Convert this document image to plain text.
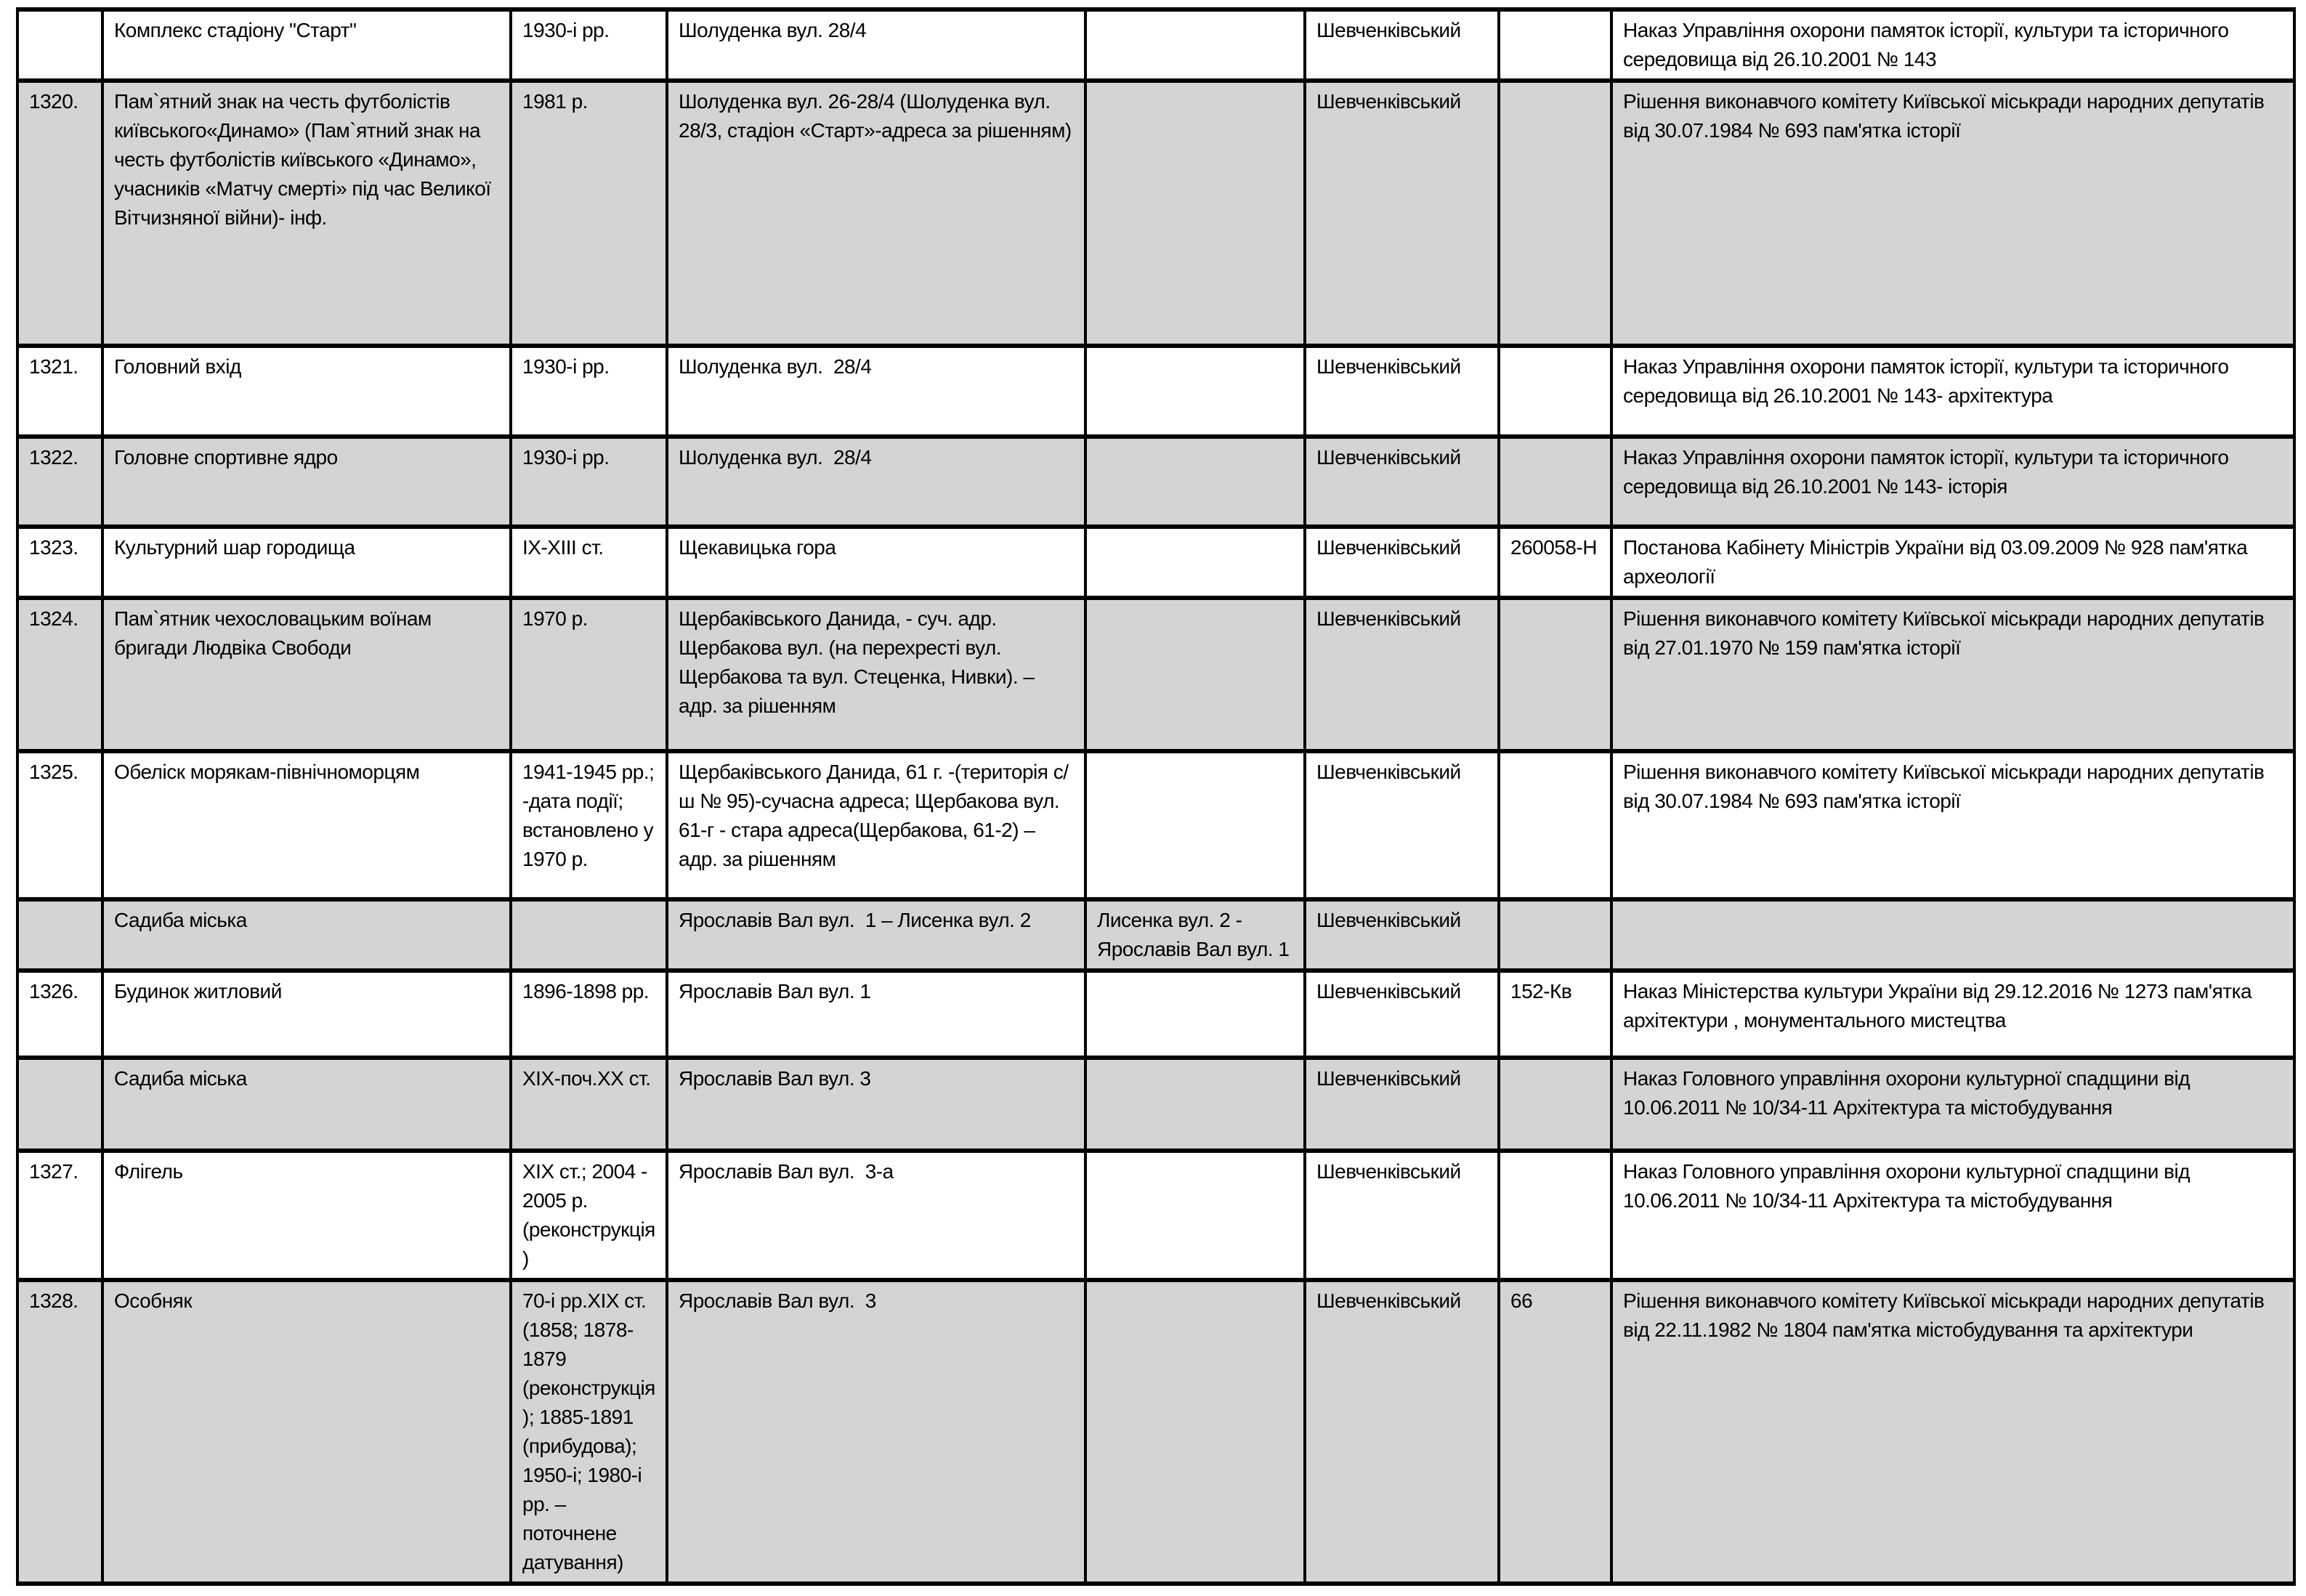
	Комплекс стадіону "Старт"	1930-і рр.	Шолуденка вул. 28/4		Шевченківський		Наказ Управління охорони памяток історії, культури та історичного середовища від 26.10.2001 № 143
1320.	Пам`ятний знак на честь футболістів київського«Динамо» (Пам`ятний знак на честь футболістів київського «Динамо», учасників «Матчу смерті» під час Великої Вітчизняної війни)- інф.	1981 р.	Шолуденка вул. 26-28/4 (Шолуденка вул. 28/3, стадіон «Старт»-адреса за рішенням)		Шевченківський		Рішення виконавчого комітету Київської міськради народних депутатів від 30.07.1984 № 693 пам'ятка історії
1321.	Головний вхід	1930-і рр.	Шолуденка вул.  28/4		Шевченківський		Наказ Управління охорони памяток історії, культури та історичного середовища від 26.10.2001 № 143- архітектура
1322.	Головне спортивне ядро	1930-і рр.	Шолуденка вул.  28/4		Шевченківський		Наказ Управління охорони памяток історії, культури та історичного середовища від 26.10.2001 № 143- історія
1323.	Культурний шар городища	IX-XIII ст.	Щекавицька гора		Шевченківський	260058-Н	Постанова Кабінету Міністрів України від 03.09.2009 № 928 пам'ятка археології
1324.	Пам`ятник чехословацьким воїнам бригади Людвіка Свободи	1970 р.	Щербаківського Данида, - суч. адр. Щербакова вул. (на перехресті вул. Щербакова та вул. Стеценка, Нивки). – адр. за рішенням		Шевченківський		Рішення виконавчого комітету Київської міськради народних депутатів від 27.01.1970 № 159 пам'ятка історії
1325.	Обеліск морякам-північноморцям	1941-1945 рр.; -дата події; встановлено у 1970 р.	Щербаківського Данида, 61 г. -(територія с/ш № 95)-сучасна адреса; Щербакова вул. 61-г - стара адреса(Щербакова, 61-2) – адр. за рішенням		Шевченківський		Рішення виконавчого комітету Київської міськради народних депутатів від 30.07.1984 № 693 пам'ятка історії
	Садиба міська		Ярославів Вал вул.  1 – Лисенка вул. 2	Лисенка вул. 2 - Ярославів Вал вул. 1	Шевченківський		
1326.	Будинок житловий	1896-1898 рр.	Ярославів Вал вул. 1		Шевченківський	152-Кв	Наказ Міністерства культури України від 29.12.2016 № 1273 пам'ятка архітектури , монументального мистецтва
	Садиба міська	XIX-поч.XX ст.	Ярославів Вал вул. 3		Шевченківський		Наказ Головного управління охорони культурної спадщини від 10.06.2011 № 10/34-11 Архітектура та містобудування
1327.	Флігель	XIX ст.; 2004 - 2005 р. (реконструкція)	Ярославів Вал вул.  3-а		Шевченківський		Наказ Головного управління охорони культурної спадщини від 10.06.2011 № 10/34-11 Архітектура та містобудування
1328.	Особняк	70-і рр.XIX ст. (1858; 1878-1879 (реконструкція); 1885-1891 (прибудова); 1950-і; 1980-і рр. – поточнене датування)	Ярославів Вал вул.  3		Шевченківський	66	Рішення виконавчого комітету Київської міськради народних депутатів від 22.11.1982 № 1804 пам'ятка містобудування та архітектури
